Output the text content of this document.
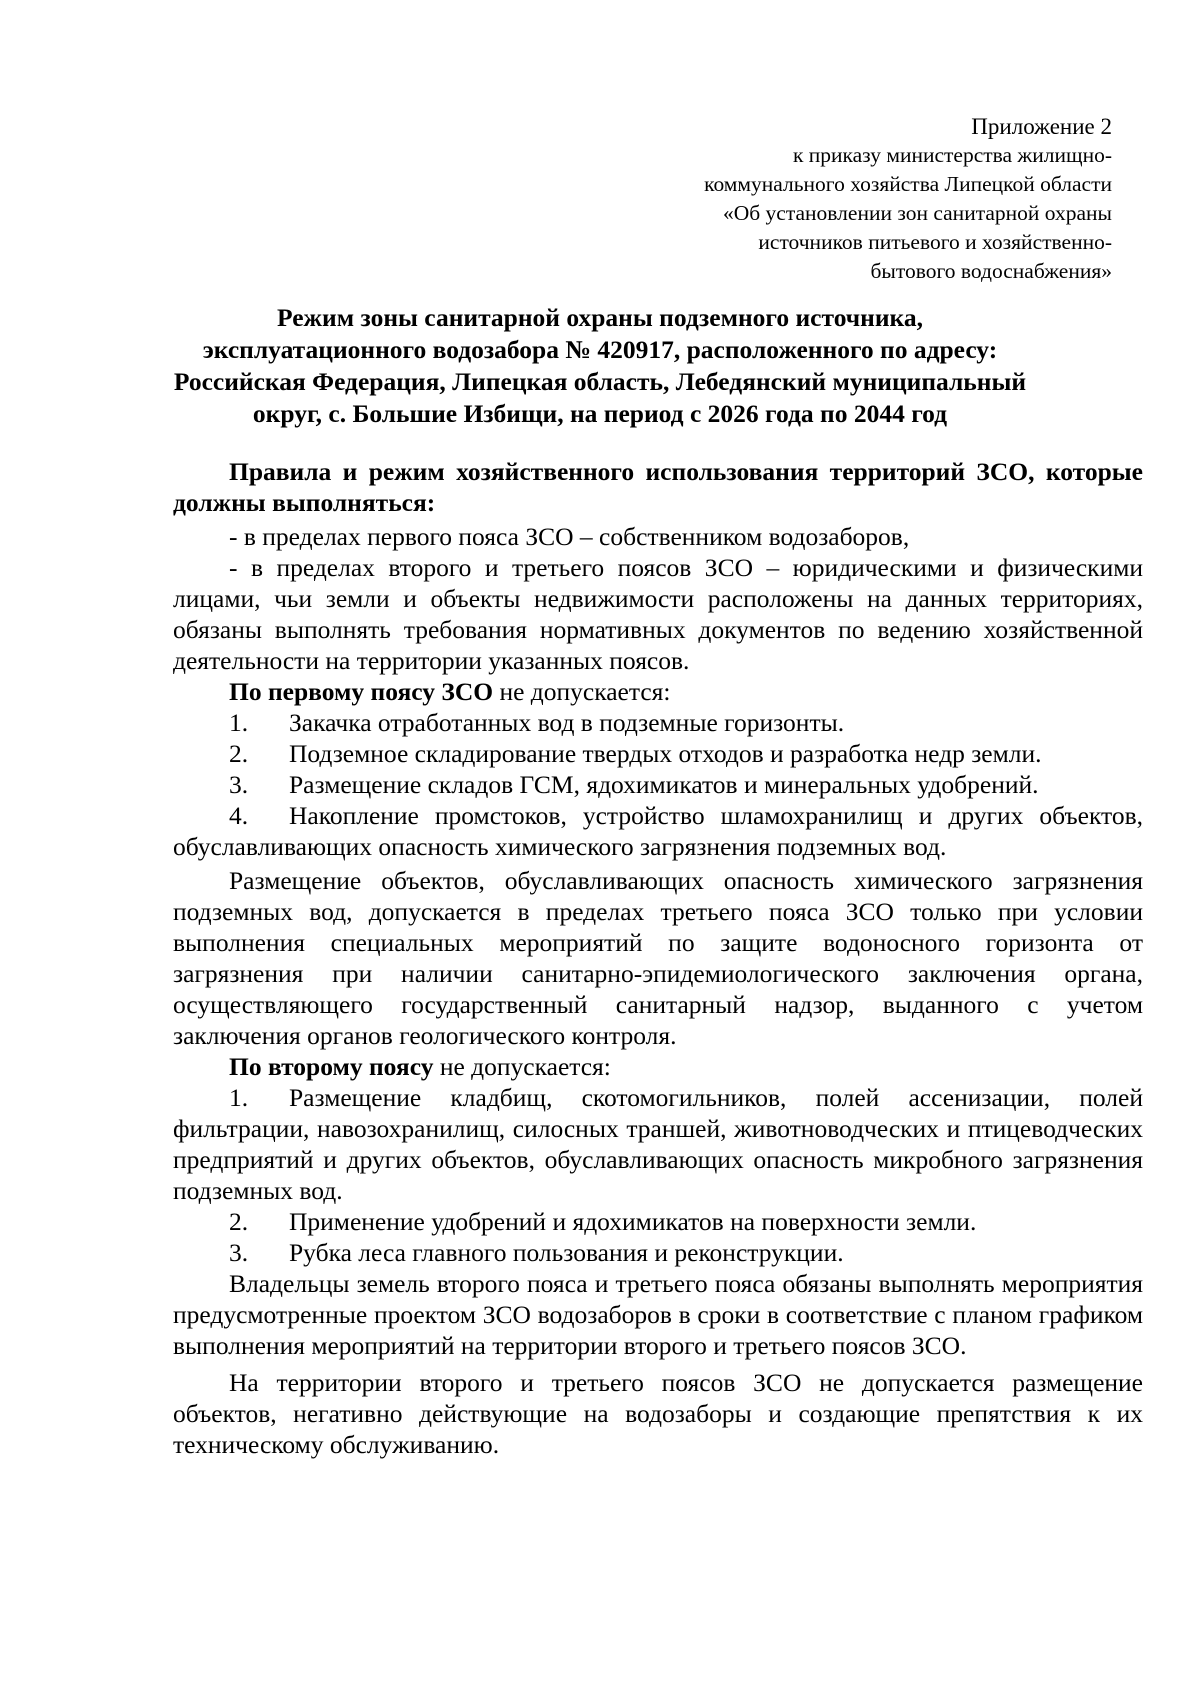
Приложение 2
к приказу министерства жилищно-
коммунального хозяйства Липецкой области
«Об установлении зон санитарной охраны
источников питьевого и хозяйственно-
бытового водоснабжения»
Режим зоны санитарной охраны подземного источника,
эксплуатационного водозабора № 420917, расположенного по адресу:
Российская Федерация, Липецкая область, Лебедянский муниципальный
округ, с. Большие Избищи, на период с 2026 года по 2044 год

Правила и режим хозяйственного использования территорий ЗСО, которые должны выполняться:

- в пределах первого пояса ЗСО – собственником водозаборов,

- в пределах второго и третьего поясов ЗСО – юридическими и физическими лицами, чьи земли и объекты недвижимости расположены на данных территориях, обязаны выполнять требования нормативных документов по ведению хозяйственной деятельности на территории указанных поясов.

По первому поясу ЗСО не допускается:

1. Закачка отработанных вод в подземные горизонты.

2. Подземное складирование твердых отходов и разработка недр земли.

3. Размещение складов ГСМ, ядохимикатов и минеральных удобрений.

4. Накопление промстоков, устройство шламохранилищ и других объектов, обуславливающих опасность химического загрязнения подземных вод.

Размещение объектов, обуславливающих опасность химического загрязнения подземных вод, допускается в пределах третьего пояса ЗСО только при условии выполнения специальных мероприятий по защите водоносного горизонта от загрязнения при наличии санитарно-эпидемиологического заключения органа, осуществляющего государственный санитарный надзор, выданного с учетом заключения органов геологического контроля.

По второму поясу не допускается:

1. Размещение кладбищ, скотомогильников, полей ассенизации, полей фильтрации, навозохранилищ, силосных траншей, животноводческих и птицеводческих предприятий и других объектов, обуславливающих опасность микробного загрязнения подземных вод.

2. Применение удобрений и ядохимикатов на поверхности земли.

3. Рубка леса главного пользования и реконструкции.

Владельцы земель второго пояса и третьего пояса обязаны выполнять мероприятия предусмотренные проектом ЗСО водозаборов в сроки в соответствие с планом графиком выполнения мероприятий на территории второго и третьего поясов ЗСО.

На территории второго и третьего поясов ЗСО не допускается размещение объектов, негативно действующие на водозаборы и создающие препятствия к их техническому обслуживанию.
